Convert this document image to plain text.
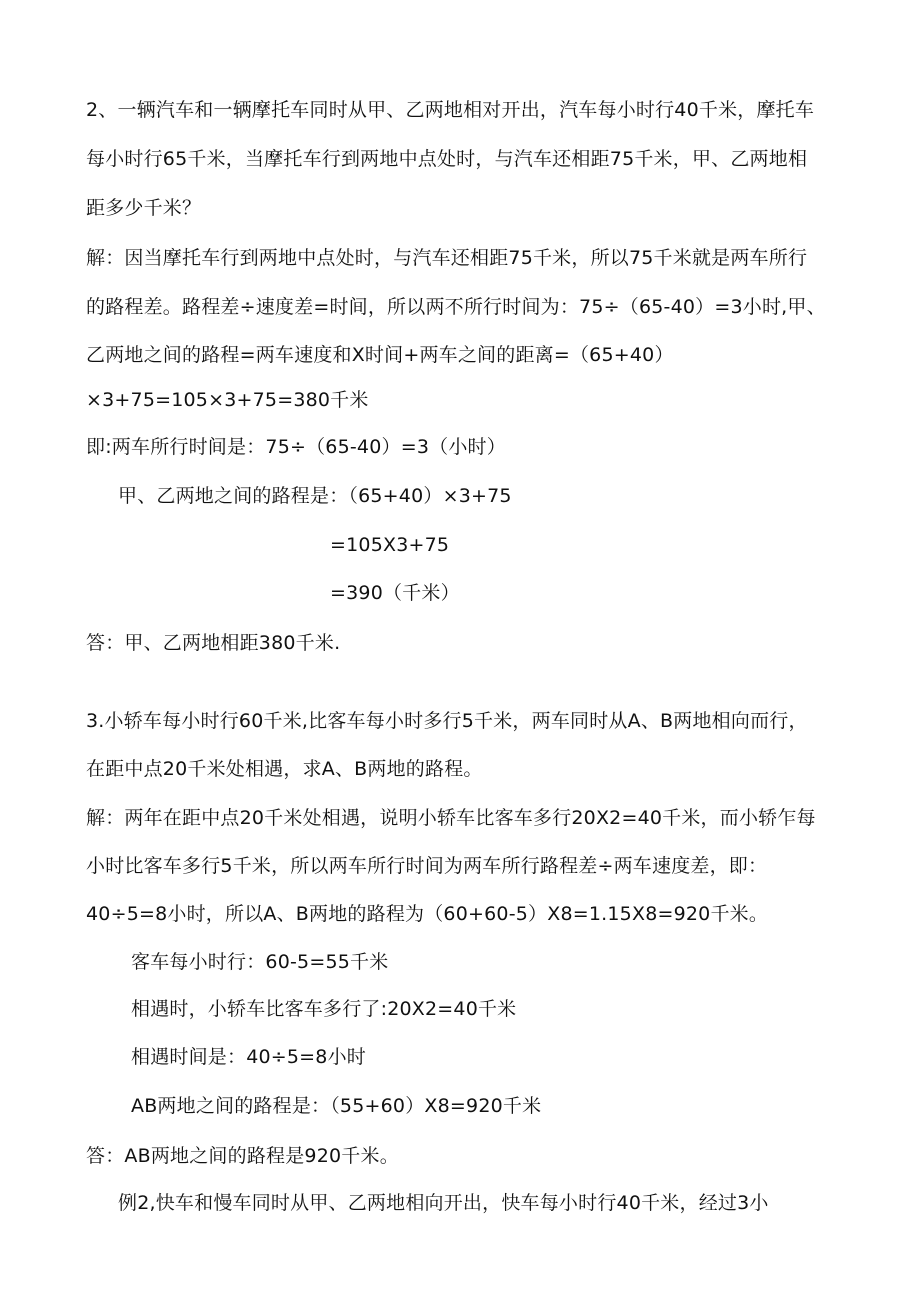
2、一辆汽车和一辆摩托车同时从甲、乙两地相对开出，汽车每小时行40千米，摩托车
每小时行65千米，当摩托车行到两地中点处时，与汽车还相距75千米，甲、乙两地相
距多少千米？
解：因当摩托车行到两地中点处时，与汽车还相距75千米，所以75千米就是两车所行
的路程差。路程差÷速度差=时间，所以两不所行时间为：75÷（65-40）=3小时,甲、
乙两地之间的路程=两车速度和X时间+两车之间的距离=（65+40）
×3+75=105×3+75=380千米
即:两车所行时间是：75÷（65-40）=3（小时）
甲、乙两地之间的路程是：（65+40）×3+75
=105X3+75
=390（千米）
答：甲、乙两地相距380千米.
3.小轿车每小时行60千米,比客车每小时多行5千米，两车同时从A、B两地相向而行，
在距中点20千米处相遇，求A、B两地的路程。
解：两年在距中点20千米处相遇，说明小轿车比客车多行20X2=40千米，而小轿乍每
小时比客车多行5千米，所以两车所行时间为两车所行路程差÷两车速度差，即：
40÷5=8小时，所以A、B两地的路程为（60+60-5）X8=1.15X8=920千米。
客车每小时行：60-5=55千米
相遇时，小轿车比客车多行了:20X2=40千米
相遇时间是：40÷5=8小时
AB两地之间的路程是：（55+60）X8=920千米
答：AB两地之间的路程是920千米。
例2,快车和慢车同时从甲、乙两地相向开出，快车每小时行40千米，经过3小
